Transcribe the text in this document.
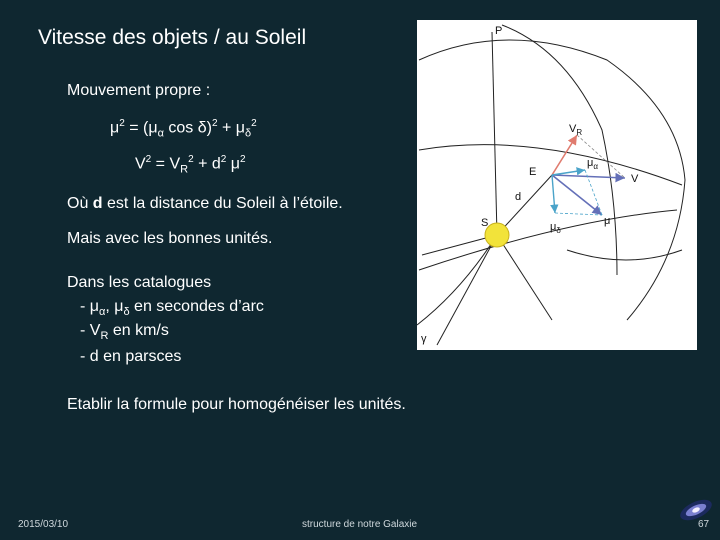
Vitesse des objets / au Soleil
Mouvement propre :
$\mu^2 = (\mu_\alpha$ $\cos \delta)^2 + \mu_\delta^2$
$V^2 = V_R^2 + d^2$ $\mu^2$
Où d est la distance du Soleil à l’étoile.
Mais avec les bonnes unités.
Dans les catalogues
- $\mu_\alpha$, $\mu_\delta$ en secondes d’arc
- $V_R$ en km/s
- d en parsces
Etablir la formule pour homogénéiser les unités.
P
$V_R$
$\mu_\alpha$
E
V
d
S	μ
$\mu_\delta$
γ
2015/03/10	structure de notre Galaxie	67
